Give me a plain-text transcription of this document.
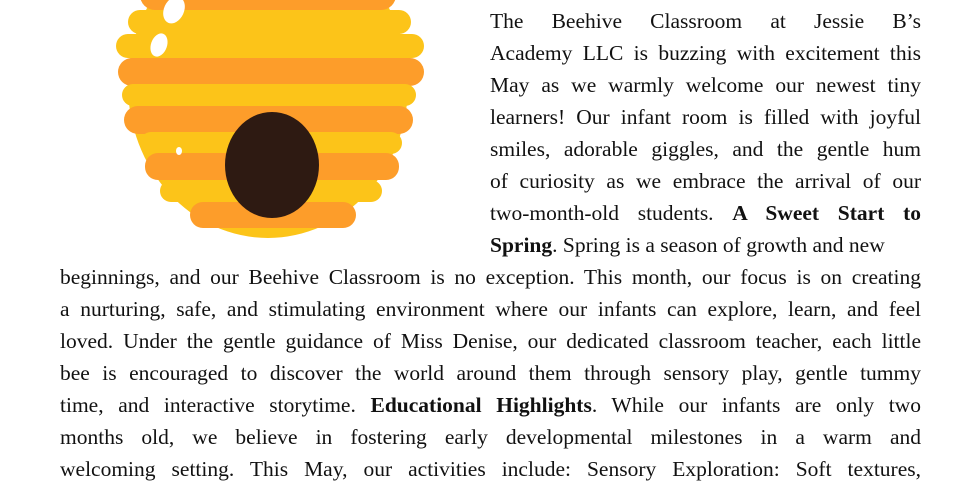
The Beehive Classroom at Jessie B’s
Academy LLC is buzzing with excitement this
May as we warmly welcome our newest tiny
learners! Our infant room is filled with joyful
smiles, adorable giggles, and the gentle hum
of curiosity as we embrace the arrival of our
two-month-old students. A Sweet Start to
beginnings, and our Beehive Classroom is no exception. This month, our focus is on creating
a nurturing, safe, and stimulating environment where our infants can explore, learn, and feel
loved. Under the gentle guidance of Miss Denise, our dedicated classroom teacher, each little
bee is encouraged to discover the world around them through sensory play, gentle tummy
time, and interactive storytime. Educational Highlights. While our infants are only two
months old, we believe in fostering early developmental milestones in a warm and
welcoming setting. This May, our activities include: Sensory Exploration: Soft textures,
Spring. Spring is a season of growth and new
